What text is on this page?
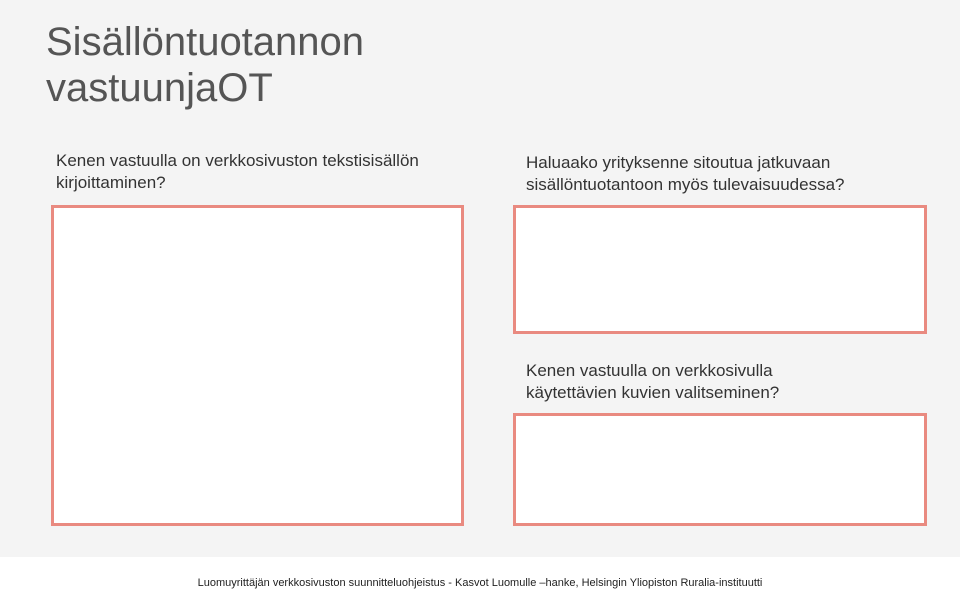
Sisällöntuotannon
vastuunjaOT

Kenen vastuulla on verkkosivuston tekstisisällön
kirjoittaminen?

Haluaako yrityksenne sitoutua jatkuvaan
sisällöntuotantoon myös tulevaisuudessa?

Kenen vastuulla on verkkosivulla
käytettävien kuvien valitseminen?

Luomuyrittäjän verkkosivuston suunnitteluohjeistus - Kasvot Luomulle –hanke, Helsingin Yliopiston Ruralia-instituutti
